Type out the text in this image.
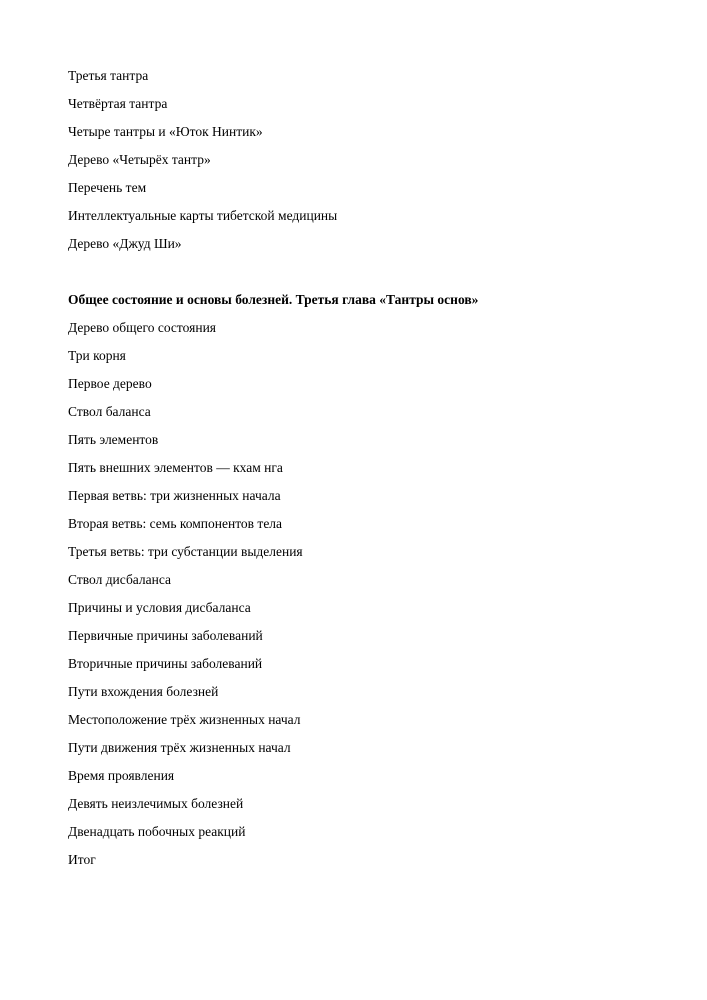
Третья тантра
Четвёртая тантра
Четыре тантры и «Юток Нинтик»
Дерево «Четырёх тантр»
Перечень тем
Интеллектуальные карты тибетской медицины
Дерево «Джуд Ши»
Общее состояние и основы болезней. Третья глава «Тантры основ»
Дерево общего состояния
Три корня
Первое дерево
Ствол баланса
Пять элементов
Пять внешних элементов — кхам нга
Первая ветвь: три жизненных начала
Вторая ветвь: семь компонентов тела
Третья ветвь: три субстанции выделения
Ствол дисбаланса
Причины и условия дисбаланса
Первичные причины заболеваний
Вторичные причины заболеваний
Пути вхождения болезней
Местоположение трёх жизненных начал
Пути движения трёх жизненных начал
Время проявления
Девять неизлечимых болезней
Двенадцать побочных реакций
Итог
